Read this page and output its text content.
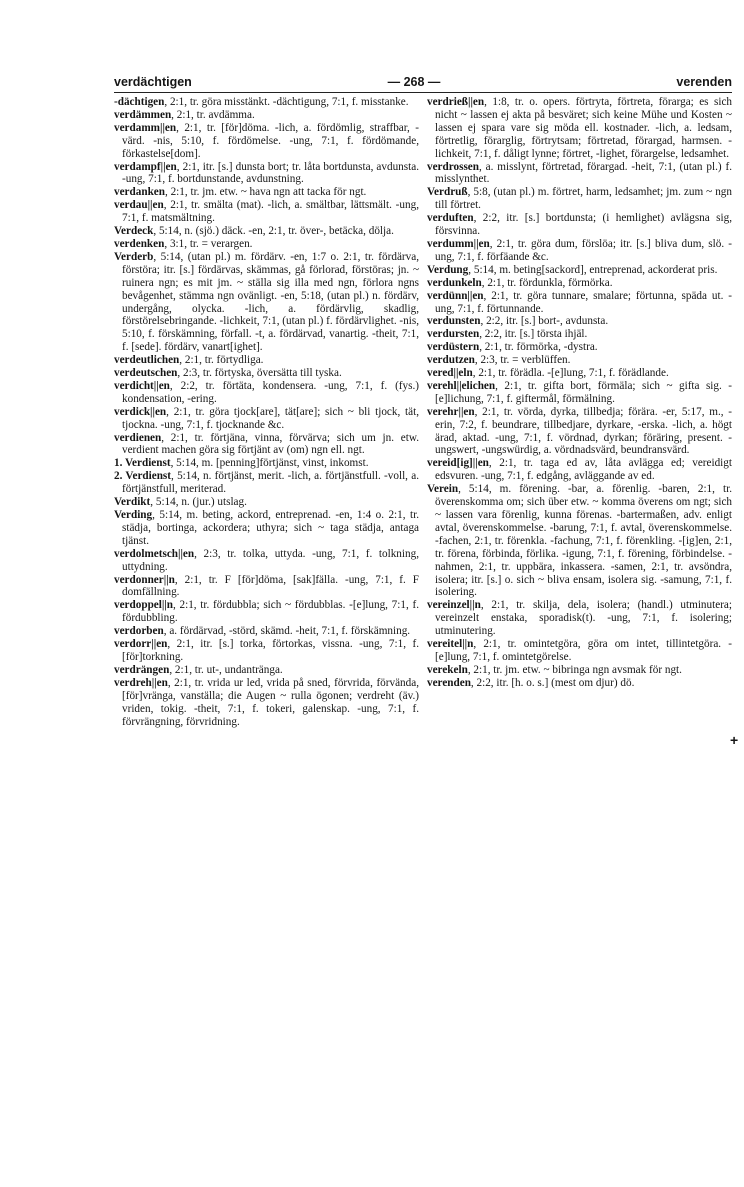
verdächtigen	— 268 —	verenden

-dächtigen, 2:1, tr. göra misstänkt. -dächtigung, 7:1, f. misstanke.

verdämmen, 2:1, tr. avdämma.

verdamm||en, 2:1, tr. [för]döma. -lich, a. fördömlig, straffbar, -värd. -nis, 5:10, f. fördömelse. -ung, 7:1, f. fördömande, förkastelse[dom].

verdampf||en, 2:1, itr. [s.] dunsta bort; tr. låta bortdunsta, avdunsta. -ung, 7:1, f. bortdunstande, avdunstning.

verdanken, 2:1, tr. jm. etw. ~ hava ngn att tacka för ngt.

verdau||en, 2:1, tr. smälta (mat). -lich, a. smältbar, lättsmält. -ung, 7:1, f. matsmältning.

Verdeck, 5:14, n. (sjö.) däck. -en, 2:1, tr. över-, betäcka, dölja.

verdenken, 3:1, tr. = verargen.

Verderb, 5:14, (utan pl.) m. fördärv. -en, 1:7 o. 2:1, tr. fördärva, förstöra; itr. [s.] fördärvas, skämmas, gå förlorad, förstöras; jn. ~ ruinera ngn; es mit jm. ~ ställa sig illa med ngn, förlora ngns bevågenhet, stämma ngn ovänligt. -en, 5:18, (utan pl.) n. fördärv, undergång, olycka. -lich, a. fördärvlig, skadlig, förstörelsebringande. -lichkeit, 7:1, (utan pl.) f. fördärvlighet. -nis, 5:10, f. förskämning, förfall. -t, a. fördärvad, vanartig. -theit, 7:1, f. [sede]. fördärv, vanart[ighet].

verdeutlichen, 2:1, tr. förtydliga.

verdeutschen, 2:3, tr. förtyska, översätta till tyska.

verdicht||en, 2:2, tr. förtäta, kondensera. -ung, 7:1, f. (fys.) kondensation, -ering.

verdick||en, 2:1, tr. göra tjock[are], tät[are]; sich ~ bli tjock, tät, tjockna. -ung, 7:1, f. tjocknande &c.

verdienen, 2:1, tr. förtjäna, vinna, förvärva; sich um jn. etw. verdient machen göra sig förtjänt av (om) ngn ell. ngt.

1. Verdienst, 5:14, m. [penning]förtjänst, vinst, inkomst.

2. Verdienst, 5:14, n. förtjänst, merit. -lich, a. förtjänstfull. -voll, a. förtjänstfull, meriterad.

Verdikt, 5:14, n. (jur.) utslag.

Verding, 5:14, m. beting, ackord, entreprenad. -en, 1:4 o. 2:1, tr. städja, bortinga, ackordera; uthyra; sich ~ taga städja, antaga tjänst.

verdolmetsch||en, 2:3, tr. tolka, uttyda. -ung, 7:1, f. tolkning, uttydning.

verdonner||n, 2:1, tr. F [för]döma, [sak]fälla. -ung, 7:1, f. F domfällning.

verdoppel||n, 2:1, tr. fördubbla; sich ~ fördubblas. -[e]lung, 7:1, f. fördubbling.

verdorben, a. fördärvad, -störd, skämd. -heit, 7:1, f. förskämning.

verdorr||en, 2:1, itr. [s.] torka, förtorkas, vissna. -ung, 7:1, f. [för]torkning.

verdrängen, 2:1, tr. ut-, undantränga.

verdreh||en, 2:1, tr. vrida ur led, vrida på sned, förvrida, förvända, [för]vränga, vanställa; die Augen ~ rulla ögonen; verdreht (äv.) vriden, tokig. -theit, 7:1, f. tokeri, galenskap. -ung, 7:1, f. förvrängning, förvridning.

verdrieß||en, 1:8, tr. o. opers. förtryta, förtreta, förarga; es sich nicht ~ lassen ej akta på besväret; sich keine Mühe und Kosten ~ lassen ej spara vare sig möda ell. kostnader. -lich, a. ledsam, förtretlig, förarglig, förtrytsam; förtretad, förargad, harmsen. -lichkeit, 7:1, f. dåligt lynne; förtret, -lighet, förargelse, ledsamhet.

verdrossen, a. misslynt, förtretad, förargad. -heit, 7:1, (utan pl.) f. misslynthet.

Verdruß, 5:8, (utan pl.) m. förtret, harm, ledsamhet; jm. zum ~ ngn till förtret.

verduften, 2:2, itr. [s.] bortdunsta; (i hemlighet) avlägsna sig, försvinna.

verdumm||en, 2:1, tr. göra dum, förslöa; itr. [s.] bliva dum, slö. -ung, 7:1, f. förfäande &c.

Verdung, 5:14, m. beting[sackord], entreprenad, ackorderat pris.

verdunkeln, 2:1, tr. fördunkla, förmörka.

verdünn||en, 2:1, tr. göra tunnare, smalare; förtunna, späda ut. -ung, 7:1, f. förtunnande.

verdunsten, 2:2, itr. [s.] bort-, avdunsta.

verdursten, 2:2, itr. [s.] törsta ihjäl.

verdüstern, 2:1, tr. förmörka, -dystra.

verdutzen, 2:3, tr. = verblüffen.

vered||eln, 2:1, tr. förädla. -[e]lung, 7:1, f. förädlande.

verehl||elichen, 2:1, tr. gifta bort, förmäla; sich ~ gifta sig. -[e]lichung, 7:1, f. giftermål, förmälning.

verehr||en, 2:1, tr. vörda, dyrka, tillbedja; förära. -er, 5:17, m., -erin, 7:2, f. beundrare, tillbedjare, dyrkare, -erska. -lich, a. högt ärad, aktad. -ung, 7:1, f. vördnad, dyrkan; föräring, present. -ungswert, -ungswürdig, a. vördnadsvärd, beundransvärd.

vereid[ig]||en, 2:1, tr. taga ed av, låta avlägga ed; vereidigt edsvuren. -ung, 7:1, f. edgång, avläggande av ed.

Verein, 5:14, m. förening. -bar, a. förenlig. -baren, 2:1, tr. överenskomma om; sich über etw. ~ komma överens om ngt; sich ~ lassen vara förenlig, kunna förenas. -bartermaßen, adv. enligt avtal, överenskommelse. -barung, 7:1, f. avtal, överenskommelse. -fachen, 2:1, tr. förenkla. -fachung, 7:1, f. förenkling. -[ig]en, 2:1, tr. förena, förbinda, förlika. -igung, 7:1, f. förening, förbindelse. -nahmen, 2:1, tr. uppbära, inkassera. -samen, 2:1, tr. avsöndra, isolera; itr. [s.] o. sich ~ bliva ensam, isolera sig. -samung, 7:1, f. isolering.

vereinzel||n, 2:1, tr. skilja, dela, isolera; (handl.) utminutera; vereinzelt enstaka, sporadisk(t). -ung, 7:1, f. isolering; utminutering.

vereitel||n, 2:1, tr. omintetgöra, göra om intet, tillintetgöra. -[e]lung, 7:1, f. omintetgörelse.

verekeln, 2:1, tr. jm. etw. ~ bibringa ngn avsmak för ngt.

verenden, 2:2, itr. [h. o. s.] (mest om djur) dö.

+
